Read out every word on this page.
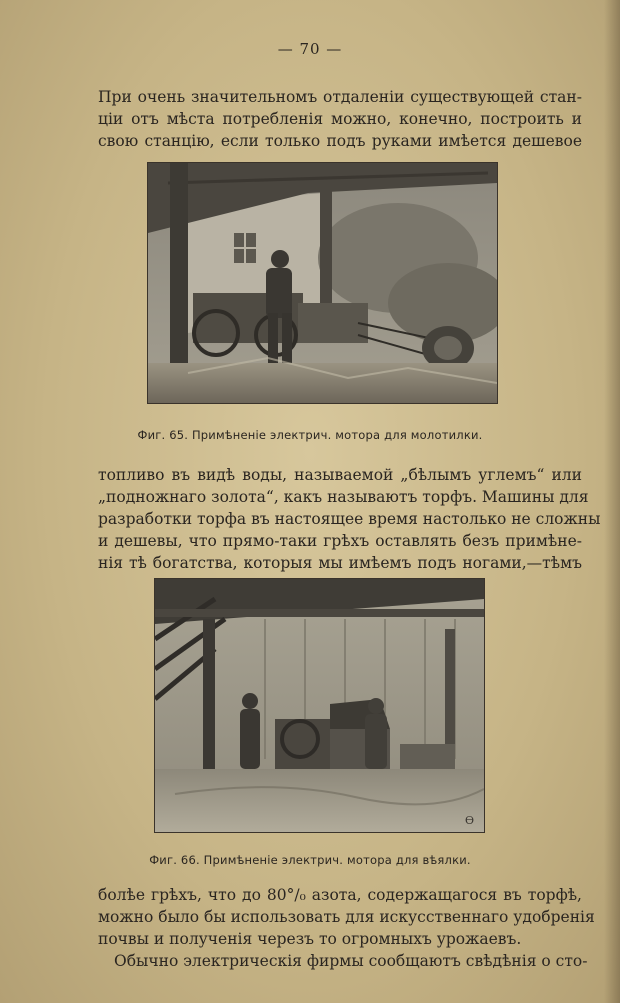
— 70 —
При очень значительномъ отдаленіи существующей стан-
ціи отъ мѣста потребленія можно, конечно, построить и
свою станцію, если только подъ руками имѣется дешевое
Фиг. 65. Примѣненіе электрич. мотора для молотилки.
топливо въ видѣ воды, называемой „бѣлымъ углемъ“ или
„подножнаго золота“, какъ называютъ торфъ. Машины для
разработки торфа въ настоящее время настолько не сложны
и дешевы, что прямо-таки грѣхъ оставлять безъ примѣне-
нія тѣ богатства, которыя мы имѣемъ подъ ногами,—тѣмъ
Ѳ
Фиг. 66. Примѣненіе электрич. мотора для вѣялки.
болѣе грѣхъ, что до 80°/₀ азота, содержащагося въ торфѣ,
можно было бы использовать для искусственнаго удобренія
почвы и полученія черезъ то огромныхъ урожаевъ.
Обычно электрическія фирмы сообщаютъ свѣдѣнія о сто-
